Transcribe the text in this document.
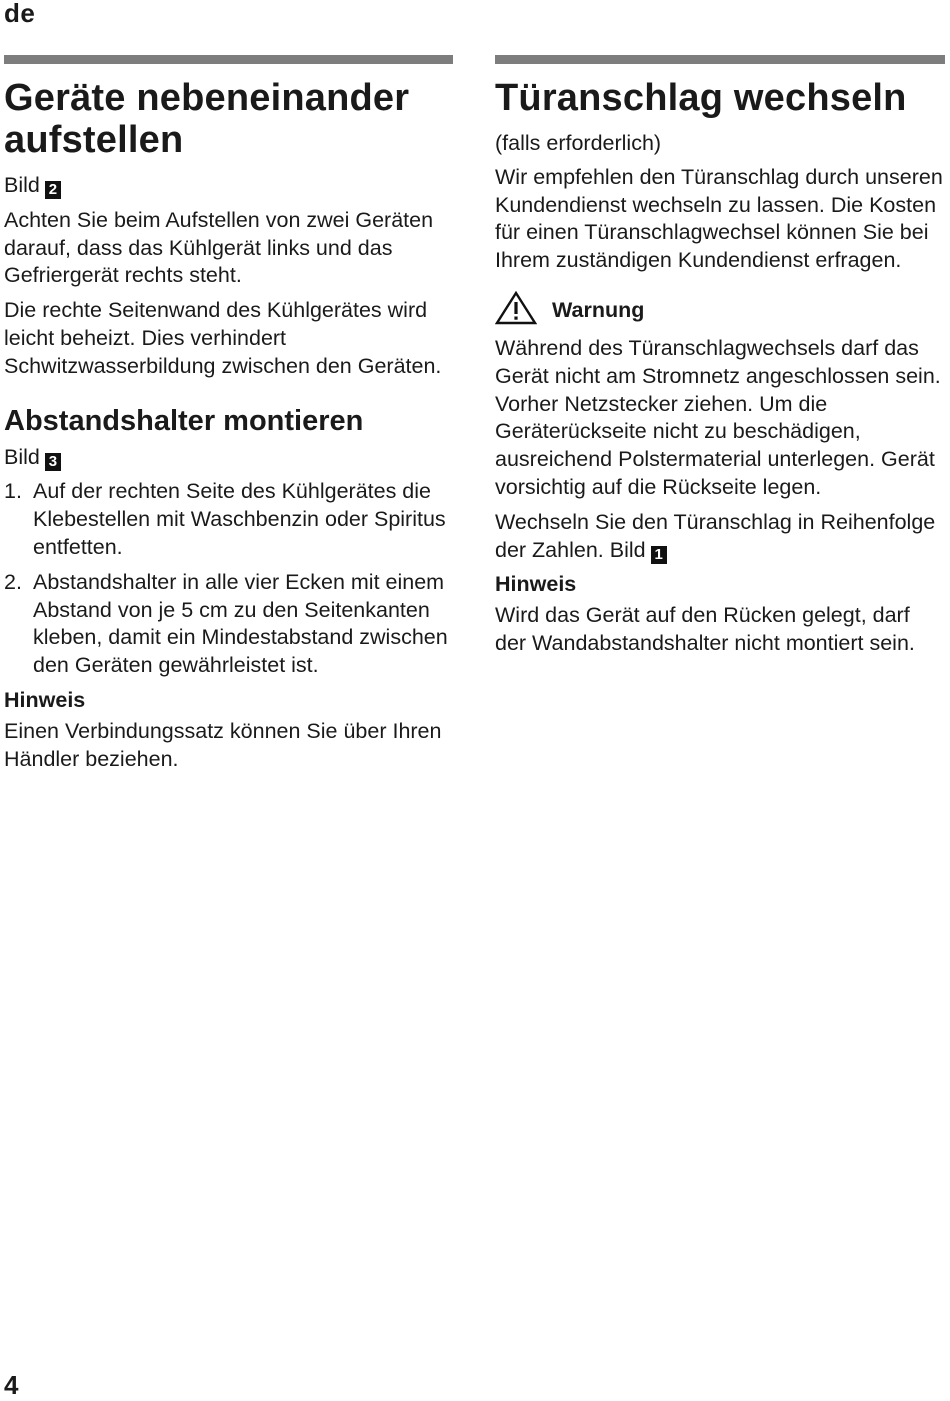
de
Geräte nebeneinander aufstellen

Bild 2

Achten Sie beim Aufstellen von zwei Geräten darauf, dass das Kühlgerät links und das Gefriergerät rechts steht.

Die rechte Seitenwand des Kühlgerätes wird leicht beheizt. Dies verhindert Schwitzwasserbildung zwischen den Geräten.

Abstandshalter montieren

Bild 3

1. Auf der rechten Seite des Kühlgerätes die Klebestellen mit Waschbenzin oder Spiritus entfetten.
2. Abstandshalter in alle vier Ecken mit einem Abstand von je 5 cm zu den Seitenkanten kleben, damit ein Mindestabstand zwischen den Geräten gewährleistet ist.
Hinweis

Einen Verbindungssatz können Sie über Ihren Händler beziehen.

Türanschlag wechseln

(falls erforderlich)

Wir empfehlen den Türanschlag durch unseren Kundendienst wechseln zu lassen. Die Kosten für einen Türanschlagwechsel können Sie bei Ihrem zuständigen Kundendienst erfragen.

Warnung

Während des Türanschlagwechsels darf das Gerät nicht am Stromnetz angeschlossen sein. Vorher Netzstecker ziehen. Um die Geräterückseite nicht zu beschädigen, ausreichend Polstermaterial unterlegen. Gerät vorsichtig auf die Rückseite legen.

Wechseln Sie den Türanschlag in Reihenfolge der Zahlen. Bild 1

Hinweis

Wird das Gerät auf den Rücken gelegt, darf der Wandabstandshalter nicht montiert sein.

4
